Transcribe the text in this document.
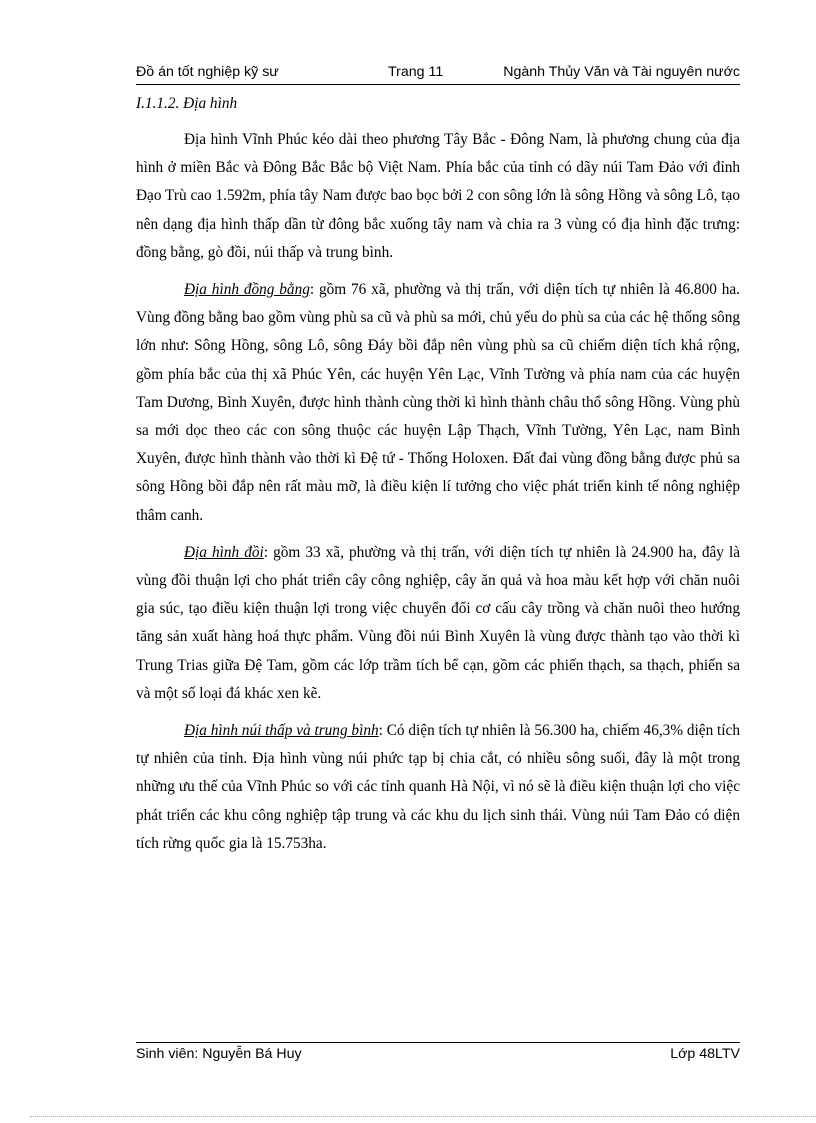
Đồ án tốt nghiệp kỹ sư	Trang 11	Ngành Thủy Văn và Tài nguyên nước
I.1.1.2. Địa hình

Địa hình Vĩnh Phúc kéo dài theo phương Tây Bắc - Đông Nam, là phương chung của địa hình ở miền Bắc và Đông Bắc Bắc bộ Việt Nam. Phía bắc của tỉnh có dãy núi Tam Đảo với đỉnh Đạo Trù cao 1.592m, phía tây Nam được bao bọc bởi 2 con sông lớn là sông Hồng và sông Lô, tạo nên dạng địa hình thấp dần từ đông bắc xuống tây nam và chia ra 3 vùng có địa hình đặc trưng: đồng bằng, gò đồi, núi thấp và trung bình.

Địa hình đồng bằng: gồm 76 xã, phường và thị trấn, với diện tích tự nhiên là 46.800 ha. Vùng đồng bằng bao gồm vùng phù sa cũ và phù sa mới, chủ yếu do phù sa của các hệ thống sông lớn như: Sông Hồng, sông Lô, sông Đáy bồi đắp nên vùng phù sa cũ chiếm diện tích khá rộng, gồm phía bắc của thị xã Phúc Yên, các huyện Yên Lạc, Vĩnh Tường và phía nam của các huyện Tam Dương, Bình Xuyên, được hình thành cùng thời kì hình thành châu thổ sông Hồng. Vùng phù sa mới dọc theo các con sông thuộc các huyện Lập Thạch, Vĩnh Tường, Yên Lạc, nam Bình Xuyên, được hình thành vào thời kì Đệ tứ - Thống Holoxen. Đất đai vùng đồng bằng được phủ sa sông Hồng bồi đắp nên rất màu mỡ, là điều kiện lí tưởng cho việc phát triển kinh tế nông nghiệp thâm canh.

Địa hình đồi: gồm 33 xã, phường và thị trấn, với diện tích tự nhiên là 24.900 ha, đây là vùng đồi thuận lợi cho phát triển cây công nghiệp, cây ăn quả và hoa màu kết hợp với chăn nuôi gia súc, tạo điều kiện thuận lợi trong việc chuyển đổi cơ cấu cây trồng và chăn nuôi theo hướng tăng sản xuất hàng hoá thực phẩm. Vùng đồi núi Bình Xuyên là vùng được thành tạo vào thời kì Trung Trias giữa Đệ Tam, gồm các lớp trầm tích bể cạn, gồm các phiến thạch, sa thạch, phiến sa và một số loại đá khác xen kẽ.

Địa hình núi thấp và trung bình: Có diện tích tự nhiên là 56.300 ha, chiếm 46,3% diện tích tự nhiên của tỉnh. Địa hình vùng núi phức tạp bị chia cắt, có nhiều sông suối, đây là một trong những ưu thế của Vĩnh Phúc so với các tỉnh quanh Hà Nội, vì nó sẽ là điều kiện thuận lợi cho việc phát triển các khu công nghiệp tập trung và các khu du lịch sinh thái. Vùng núi Tam Đảo có diện tích rừng quốc gia là 15.753ha.

Sinh viên: Nguyễn Bá Huy	Lớp 48LTV
